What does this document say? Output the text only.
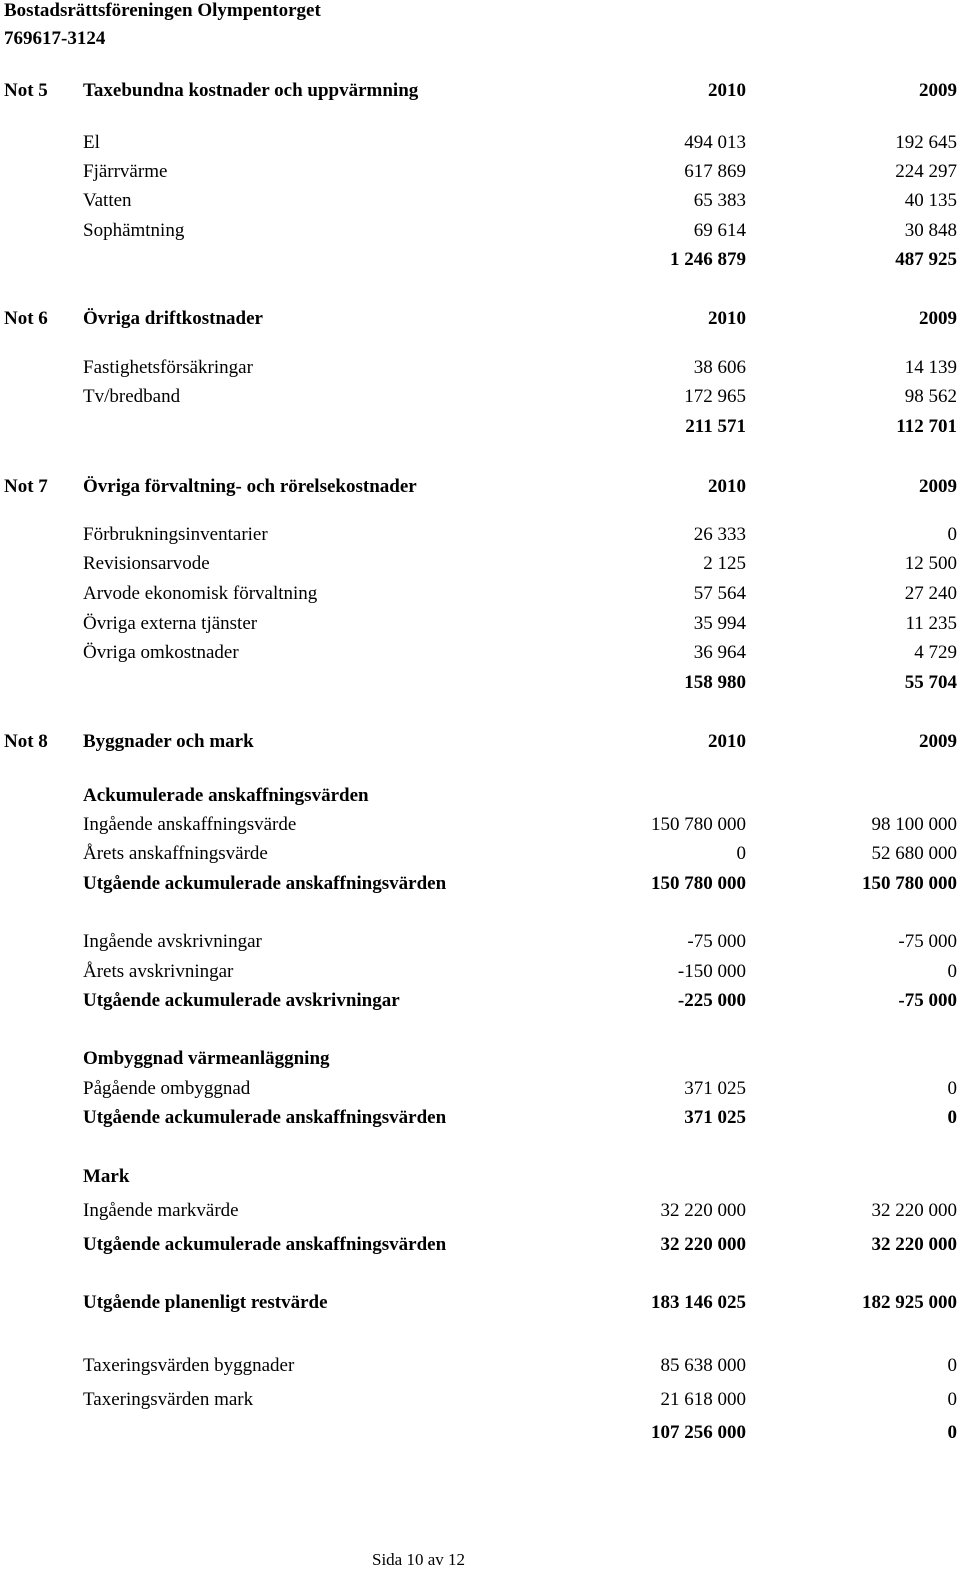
Bostadsrättsföreningen Olympentorget
769617-3124
Not 5 Taxebundna kostnader och uppvärmning	2010	2009
El	494 013	192 645
Fjärrvärme	617 869	224 297
Vatten	65 383	40 135
Sophämtning	69 614	30 848
1 246 879	487 925
Not 6 Övriga driftkostnader	2010	2009
Fastighetsförsäkringar	38 606	14 139
Tv/bredband	172 965	98 562
211 571	112 701
Not 7 Övriga förvaltning- och rörelsekostnader	2010	2009
Förbrukningsinventarier	26 333	0
Revisionsarvode	2 125	12 500
Arvode ekonomisk förvaltning	57 564	27 240
Övriga externa tjänster	35 994	11 235
Övriga omkostnader	36 964	4 729
158 980	55 704
Not 8 Byggnader och mark	2010	2009
Ackumulerade anskaffningsvärden
Ingående anskaffningsvärde	150 780 000	98 100 000
Årets anskaffningsvärde	0	52 680 000
Utgående ackumulerade anskaffningsvärden	150 780 000	150 780 000
Ingående avskrivningar	-75 000	-75 000
Årets avskrivningar	-150 000	0
Utgående ackumulerade avskrivningar	-225 000	-75 000
Ombyggnad värmeanläggning
Pågående ombyggnad	371 025	0
Utgående ackumulerade anskaffningsvärden	371 025	0
Mark
Ingående markvärde	32 220 000	32 220 000
Utgående ackumulerade anskaffningsvärden	32 220 000	32 220 000
Utgående planenligt restvärde	183 146 025	182 925 000
Taxeringsvärden byggnader	85 638 000	0
Taxeringsvärden mark	21 618 000	0
107 256 000	0
Sida 10 av 12
